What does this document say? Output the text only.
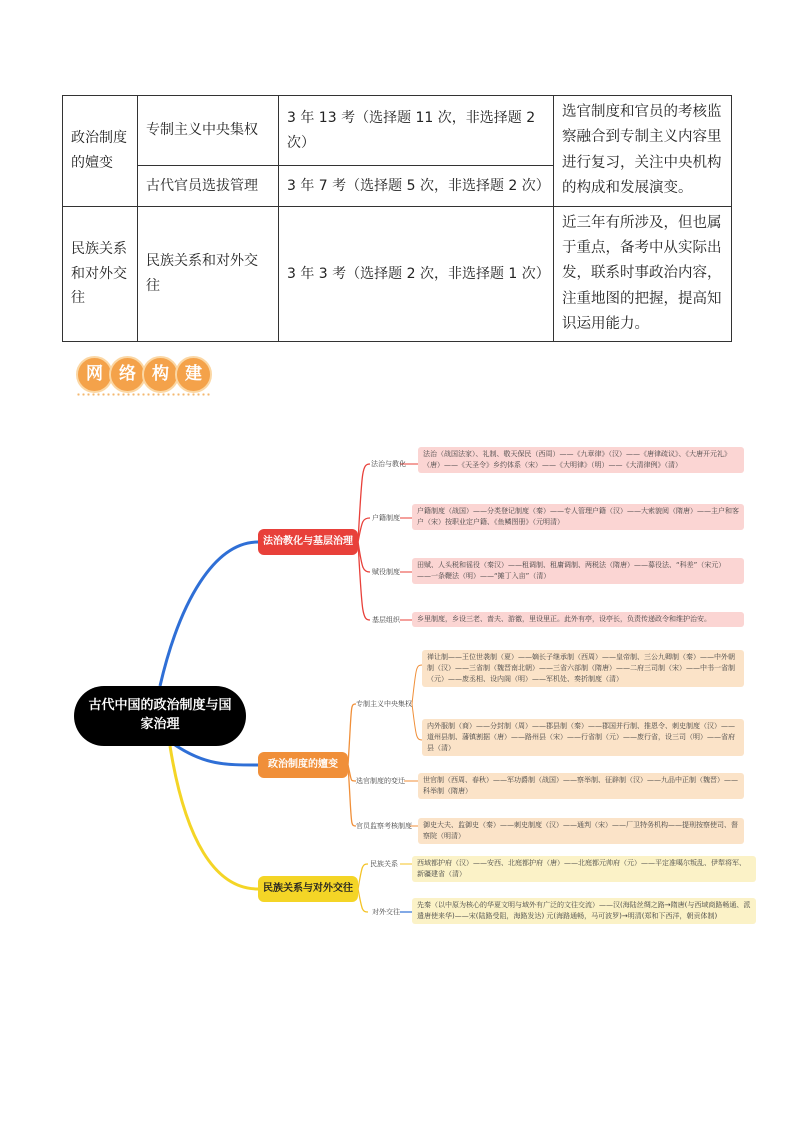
政治制度的嬗变	专制主义中央集权	3 年 13 考（选择题 11 次，非选择题 2 次）	选官制度和官员的考核监察融合到专制主义内容里进行复习，关注中央机构的构成和发展演变。
	古代官员选拔管理	3 年 7 考（选择题 5 次，非选择题 2 次）	
民族关系和对外交往	民族关系和对外交往	3 年 3 考（选择题 2 次，非选择题 1 次）	近三年有所涉及，但也属于重点，备考中从实际出发，联系时事政治内容，注重地图的把握，提高知识运用能力。
网 络 构 建
古代中国的政治制度与国家治理
法治教化与基层治理
政治制度的嬗变
民族关系与对外交往
法治与教化
法治（战国法家）、礼制、敬天保民（西周）——《九章律》（汉）——《唐律疏议》、《大唐开元礼》（唐）——《天圣令》乡约体系（宋）——《大明律》（明）——《大清律例》（清）
户籍制度
户籍制度（战国）——分类登记制度（秦）——专人管理户籍（汉）——大索貌阅（隋唐）——主户和客户（宋）按职业定户籍、《鱼鳞图册》（元明清）
赋役制度
田赋、人头税和徭役（秦汉）——租调制、租庸调制、两税法（隋唐）——募役法、“科差”（宋元）——一条鞭法（明）——“摊丁入亩”（清）
基层组织	乡里制度，乡设三老、啬夫、游徼，里设里正。此外有亭，设亭长，负责传递政令和维护治安。
专制主义中央集权
禅让制——王位世袭制（夏）——嫡长子继承制（西周）——皇帝制、三公九卿制（秦）——中外朝制（汉）——三省制（魏晋南北朝）——三省六部制（隋唐）——二府三司制（宋）——中书一省制（元）——废丞相、设内阁（明）——军机处、奏折制度（清）
内外服制（商）——分封制（周）——郡县制（秦）——郡国并行制、推恩令、刺史制度（汉）——道州县制、藩镇割据（唐）——路州县（宋）——行省制（元）——废行省，设三司（明）——省府县（清）
选官制度的变迁	世官制（西周、春秋）——军功爵制（战国）——察举制、征辟制（汉）——九品中正制（魏晋）——科举制（隋唐）
官员监察考核制度	御史大夫、监御史（秦）——刺史制度（汉）——通判（宋）——厂卫特务机构——提刑按察使司、督察院（明清）
民族关系	西域都护府（汉）——安西、北庭都护府（唐）——北庭都元帅府（元）——平定准噶尔叛乱、伊犁将军、新疆建省（清）
对外交往
先秦（以中原为核心的华夏文明与域外有广泛的文往交流）——汉(海陆丝绸之路→隋唐(与西域商路畅通、派遣唐使来华)——宋(陆路受阻，海路发达) 元(海路通畅，马可波罗)→明清(郑和下西洋，朝贡体制)
